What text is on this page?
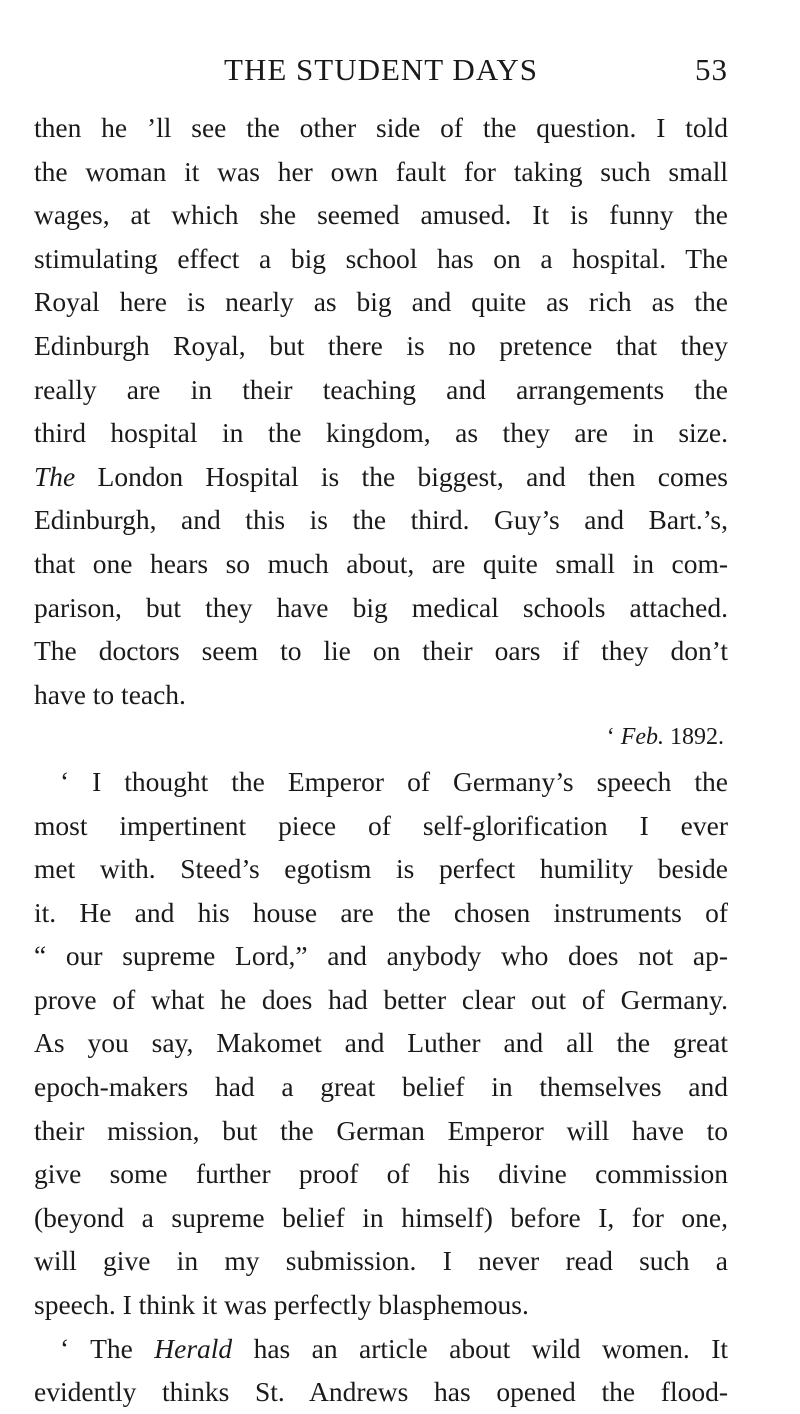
THE STUDENT DAYS	53
then he ’ll see the other side of the question. I told
the woman it was her own fault for taking such small
wages, at which she seemed amused. It is funny the
stimulating effect a big school has on a hospital. The
Royal here is nearly as big and quite as rich as the
Edinburgh Royal, but there is no pretence that they
really are in their teaching and arrangements the
third hospital in the kingdom, as they are in size.
The London Hospital is the biggest, and then comes
Edinburgh, and this is the third. Guy’s and Bart.’s,
that one hears so much about, are quite small in com-
parison, but they have big medical schools attached.
The doctors seem to lie on their oars if they don’t
have to teach.
‘ Feb. 1892.
‘ I thought the Emperor of Germany’s speech the
most impertinent piece of self-glorification I ever
met with. Steed’s egotism is perfect humility beside
it. He and his house are the chosen instruments of
“ our supreme Lord,” and anybody who does not ap-
prove of what he does had better clear out of Germany.
As you say, Makomet and Luther and all the great
epoch-makers had a great belief in themselves and
their mission, but the German Emperor will have to
give some further proof of his divine commission
(beyond a supreme belief in himself) before I, for one,
will give in my submission. I never read such a
speech. I think it was perfectly blasphemous.
‘ The Herald has an article about wild women. It
evidently thinks St. Andrews has opened the flood-
